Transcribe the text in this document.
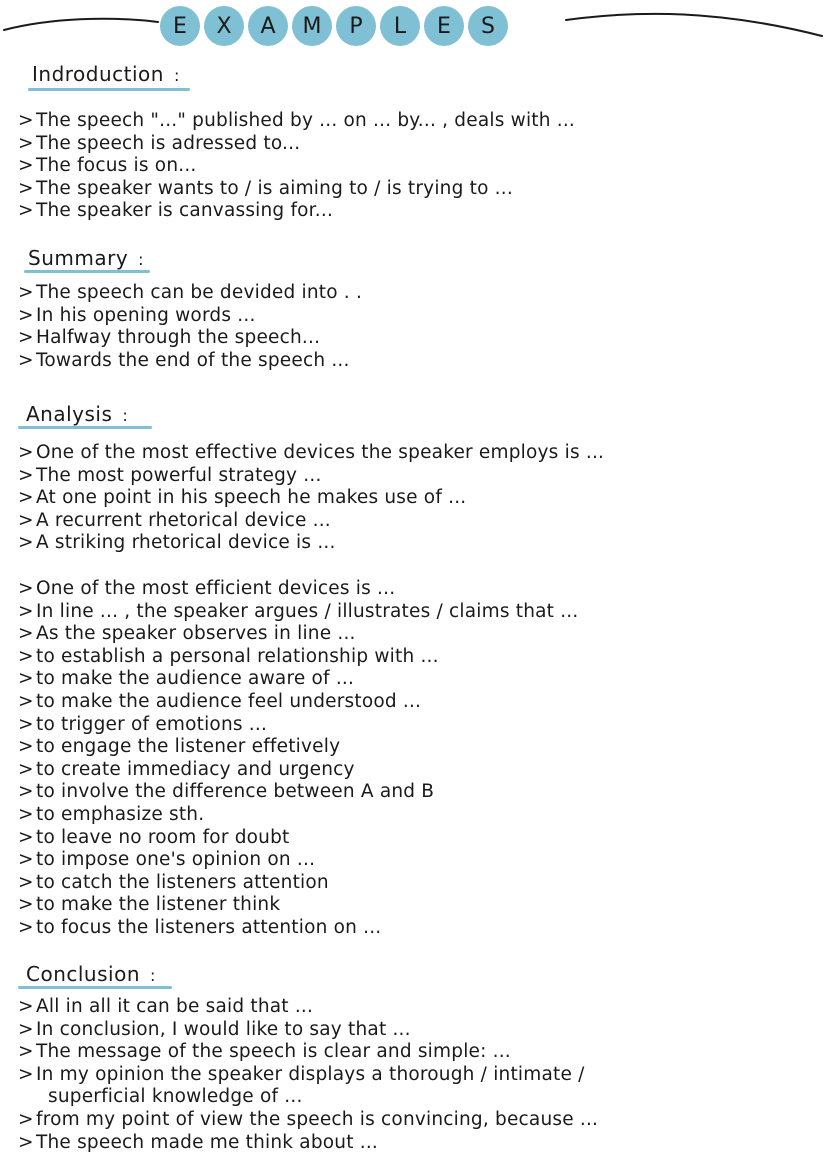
E	X	A	M	P	L	E	S
Indroduction :
> The speech "..." published by ... on ... by... , deals with ...
> The speech is adressed to...
> The focus is on...
> The speaker wants to / is aiming to / is trying to ...
> The speaker is canvassing for...
Summary :
> The speech can be devided into . .
> In his opening words ...
> Halfway through the speech...
> Towards the end of the speech ...
Analysis :
> One of the most effective devices the speaker employs is ...
> The most powerful strategy ...
> At one point in his speech he makes use of ...
> A recurrent rhetorical device ...
> A striking rhetorical device is ...
> One of the most efficient devices is ...
> In line ... , the speaker argues / illustrates / claims that ...
> As the speaker observes in line ...
> to establish a personal relationship with ...
> to make the audience aware of ...
> to make the audience feel understood ...
> to trigger of emotions ...
> to engage the listener effetively
> to create immediacy and urgency
> to involve the difference between A and B
> to emphasize sth.
> to leave no room for doubt
> to impose one's opinion on ...
> to catch the listeners attention
> to make the listener think
> to focus the listeners attention on ...
Conclusion :
> All in all it can be said that ...
> In conclusion, I would like to say that ...
> The message of the speech is clear and simple: ...
> In my opinion the speaker displays a thorough / intimate /
superficial knowledge of ...
> from my point of view the speech is convincing, because ...
> The speech made me think about ...
